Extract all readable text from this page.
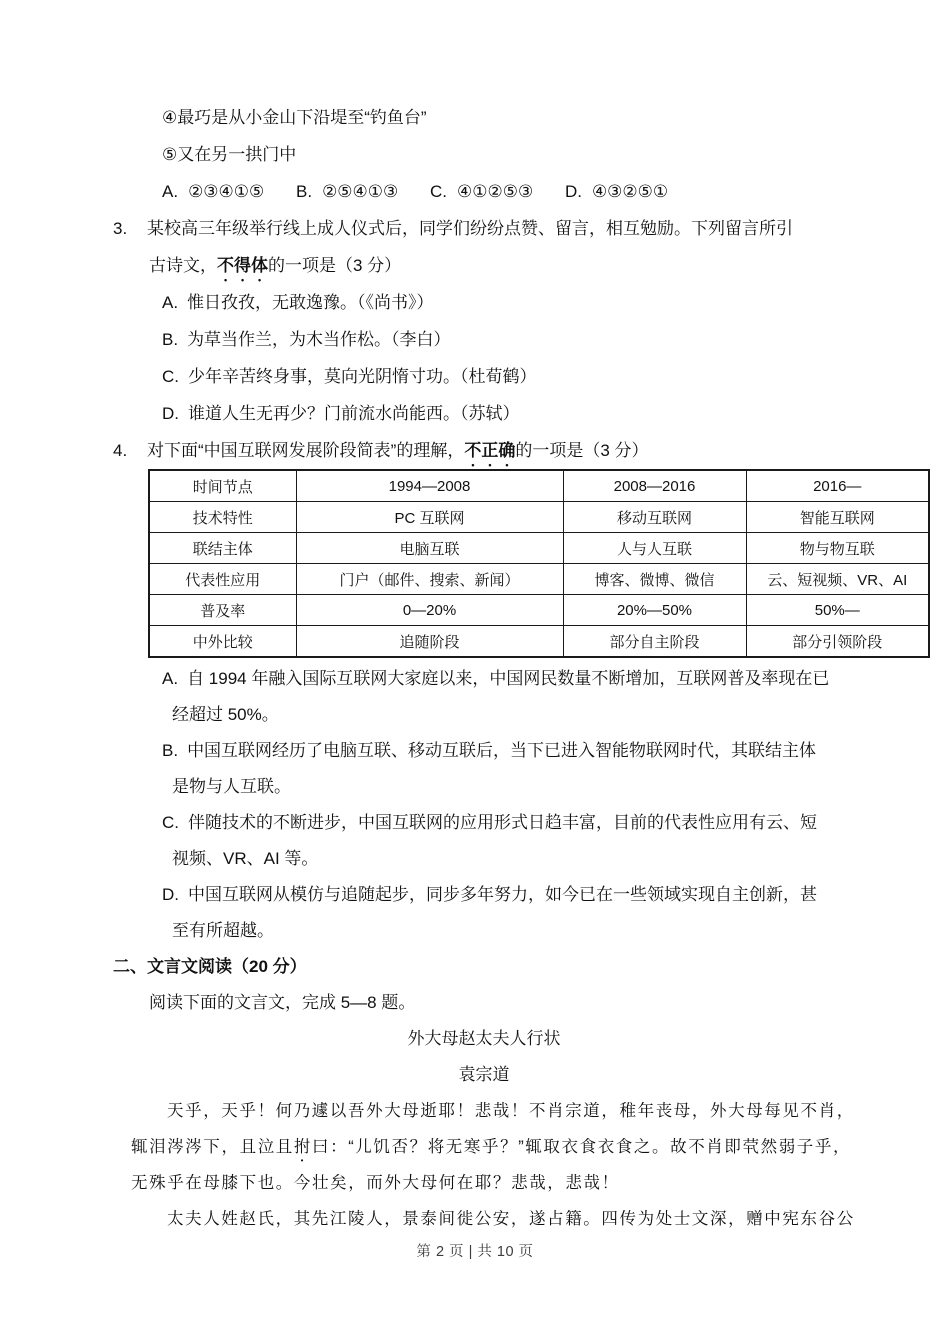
④最巧是从小金山下沿堤至“钓鱼台”
⑤又在另一拱门中
A. ②③④①⑤ B. ②⑤④①③ C. ④①②⑤③ D. ④③②⑤①
3. 某校高三年级举行线上成人仪式后，同学们纷纷点赞、留言，相互勉励。下列留言所引
古诗文，不得体的一项是（3 分）
A. 惟日孜孜，无敢逸豫。（《尚书》）
B. 为草当作兰，为木当作松。（李白）
C. 少年辛苦终身事，莫向光阴惰寸功。（杜荀鹤）
D. 谁道人生无再少？门前流水尚能西。（苏轼）
4. 对下面“中国互联网发展阶段简表”的理解，不正确的一项是（3 分）
时间节点	1994—2008	2008—2016	2016—
技术特性	PC 互联网	移动互联网	智能互联网
联结主体	电脑互联	人与人互联	物与物互联
代表性应用	门户（邮件、搜索、新闻）	博客、微博、微信	云、短视频、VR、AI
普及率	0—20%	20%—50%	50%—
中外比较	追随阶段	部分自主阶段	部分引领阶段
A. 自 1994 年融入国际互联网大家庭以来，中国网民数量不断增加，互联网普及率现在已
经超过 50%。
B. 中国互联网经历了电脑互联、移动互联后，当下已进入智能物联网时代，其联结主体
是物与人互联。
C. 伴随技术的不断进步，中国互联网的应用形式日趋丰富，目前的代表性应用有云、短
视频、VR、AI 等。
D. 中国互联网从模仿与追随起步，同步多年努力，如今已在一些领域实现自主创新，甚
至有所超越。
二、文言文阅读（20 分）
阅读下面的文言文，完成 5—8 题。
外大母赵太夫人行状
袁宗道
天乎，天乎！何乃遽以吾外大母逝耶！悲哉！不肖宗道，稚年丧母，外大母每见不肖，
辄泪涔涔下，且泣且拊曰：“儿饥否？将无寒乎？”辄取衣食衣食之。故不肖即茕然弱子乎，
无殊乎在母膝下也。今壮矣，而外大母何在耶？悲哉，悲哉！
太夫人姓赵氏，其先江陵人，景泰间徙公安，遂占籍。四传为处士文深，赠中宪东谷公
第 2 页 | 共 10 页
